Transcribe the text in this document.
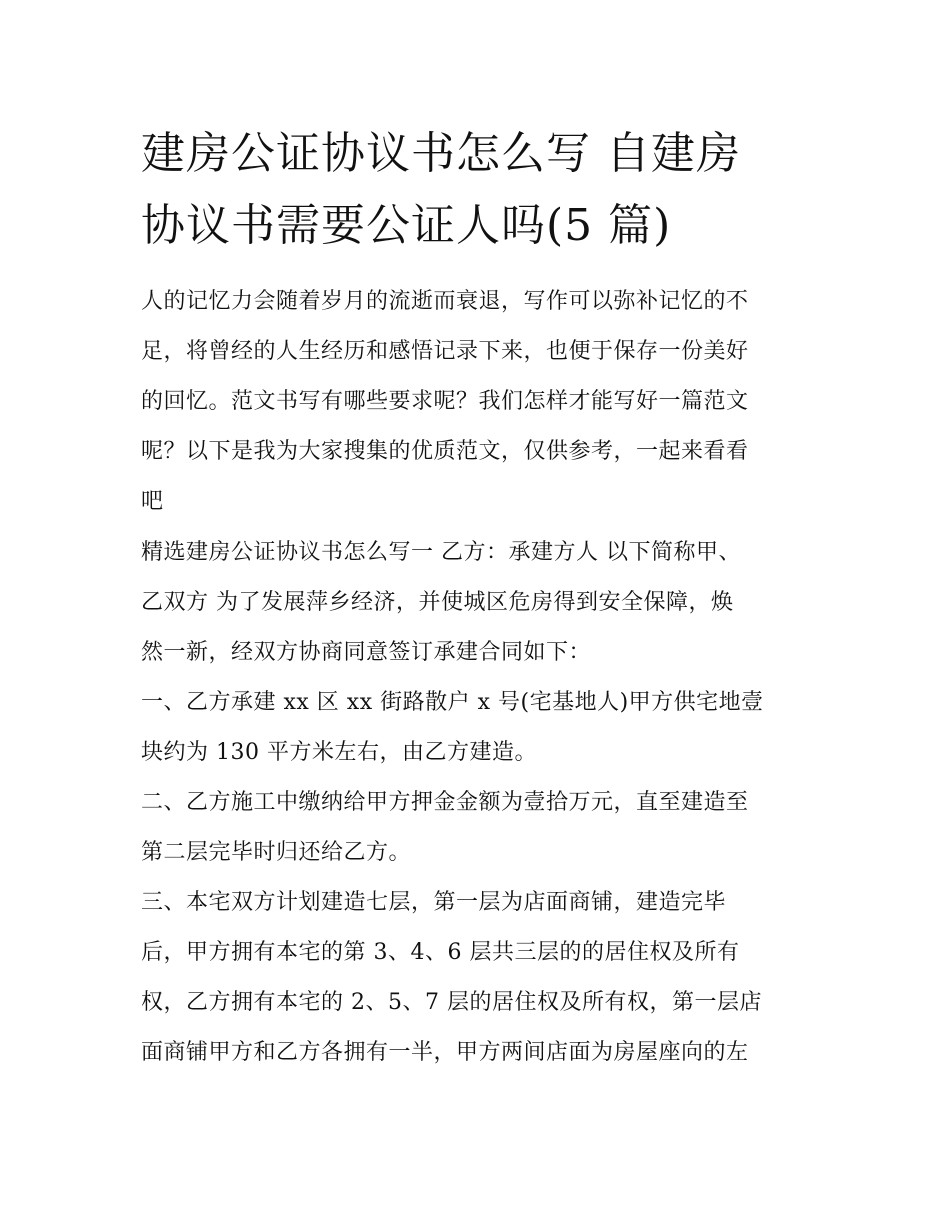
建房公证协议书怎么写 自建房
协议书需要公证人吗(5 篇)
人的记忆力会随着岁月的流逝而衰退，写作可以弥补记忆的不
足，将曾经的人生经历和感悟记录下来，也便于保存一份美好
的回忆。范文书写有哪些要求呢？我们怎样才能写好一篇范文
呢？以下是我为大家搜集的优质范文，仅供参考，一起来看看
吧
精选建房公证协议书怎么写一 乙方：承建方人 以下简称甲、
乙双方 为了发展萍乡经济，并使城区危房得到安全保障，焕
然一新，经双方协商同意签订承建合同如下：
一、乙方承建 xx 区 xx 街路散户 x 号(宅基地人)甲方供宅地壹
块约为 130 平方米左右，由乙方建造。
二、乙方施工中缴纳给甲方押金金额为壹拾万元，直至建造至
第二层完毕时归还给乙方。
三、本宅双方计划建造七层，第一层为店面商铺，建造完毕
后，甲方拥有本宅的第 3、4、6 层共三层的的居住权及所有
权，乙方拥有本宅的 2、5、7 层的居住权及所有权，第一层店
面商铺甲方和乙方各拥有一半，甲方两间店面为房屋座向的左
